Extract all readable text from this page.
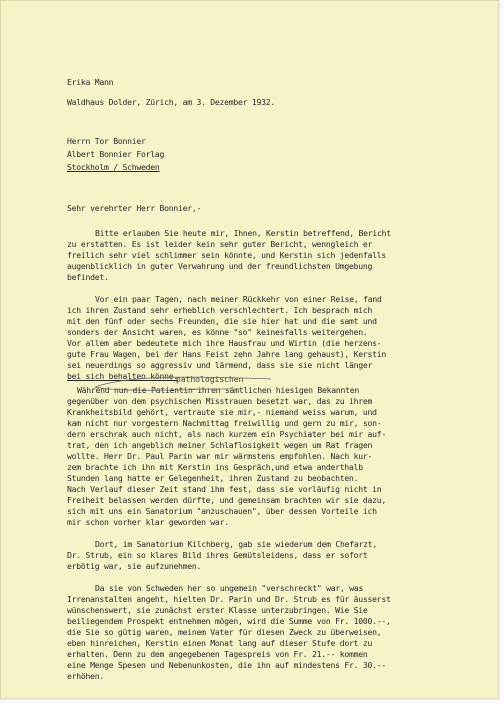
Erika Mann
Waldhaus Dolder, Zürich, am 3. Dezember 1932.
Herrn Tor Bonnier
Albert Bonnier Forlag
Stockholm / Schweden
Sehr verehrter Herr Bonnier,-
Bitte erlauben Sie heute mir, Ihnen, Kerstin betreffend, Bericht
zu erstatten. Es ist leider kein sehr guter Bericht, wenngleich er
freilich sehr viel schlimmer sein könnte, und Kerstin sich jedenfalls
augenblicklich in guter Verwahrung und der freundlichsten Umgebung
befindet.
Vor ein paar Tagen, nach meiner Rückkehr von einer Reise, fand
ich ihren Zustand sehr erheblich verschlechtert. Ich besprach mich
mit den fünf oder sechs Freunden, die sie hier hat und die samt und
sonders der Ansicht waren, es könne "so" keinesfalls weitergehen.
Vor allem aber bedeutete mich ihre Hausfrau und Wirtin (die herzens-
gute Frau Wagen, bei der Hans Feist zehn Jahre lang gehaust), Kerstin
sei neuerdings so aggressiv und lärmend, dass sie sie nicht länger
bei sich behalten könne.
Während nun die Patientin ihren sämtlichen hiesigen Bekannten
gegenüber von dem psychischen Misstrauen besetzt war, das zu ihrem
Krankheitsbild gehört, vertraute sie mir,- niemand weiss warum, und
kam nicht nur vorgestern Nachmittag freiwillig und gern zu mir, son-
dern erschrak auch nicht, als nach kurzem ein Psychiater bei mir auf-
trat, den ich angeblich meiner Schlaflosigkeit wegen um Rat fragen
wollte. Herr Dr. Paul Parin war mir wärmstens empfohlen. Nach kur-
zem brachte ich ihn mit Kerstin ins Gespräch,und etwa anderthalb
Stunden lang hatte er Gelegenheit, ihren Zustand zu beobachten.
Nach Verlauf dieser Zeit stand ihm fest, dass sie vorläufig nicht in
Freiheit belassen werden dürfte, und gemeinsam brachten wir sie dazu,
sich mit uns ein Sanatorium "anzuschauen", über dessen Vorteile ich
mir schon vorher klar geworden war.
pathologischen
Dort, im Sanatorium Kilchberg, gab sie wiederum dem Chefarzt,
Dr. Strub, ein so klares Bild ihres Gemütsleidens, dass er sofort
erbötig war, sie aufzunehmen.
Da sie von Schweden her so ungemein "verschreckt" war, was
Irrenanstalten angeht, hielten Dr. Parin und Dr. Strub es für äusserst
wünschenswert, sie zunächst erster Klasse unterzubringen. Wie Sie
beiliegendem Prospekt entnehmen mögen, wird die Summe von Fr. 1000.--,
die Sie so gütig waren, meinem Vater für diesen Zweck zu überweisen,
eben hinreichen, Kerstin einen Monat lang auf dieser Stufe dort zu
erhalten. Denn zu dem angegebenen Tagespreis von Fr. 21.-- kommen
eine Menge Spesen und Nebenunkosten, die ihn auf mindestens Fr. 30.--
erhöhen.
